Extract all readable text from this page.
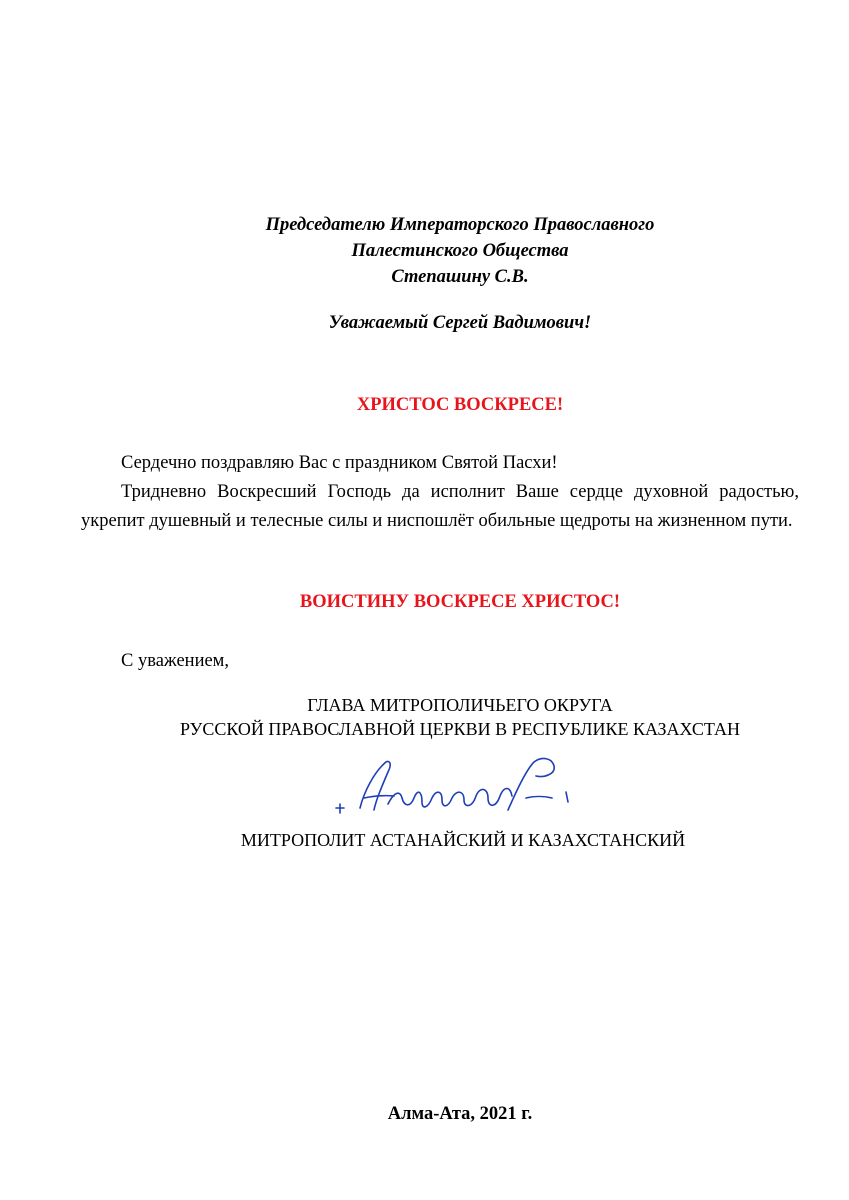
Председателю Императорского Православного
Палестинского Общества
Степашину С.В.
Уважаемый Сергей Вадимович!
ХРИСТОС ВОСКРЕСЕ!

Сердечно поздравляю Вас с праздником Святой Пасхи!

Тридневно Воскресший Господь да исполнит Ваше сердце духовной радостью, укрепит душевный и телесные силы и ниспошлёт обильные щедроты на жизненном пути.

ВОИСТИНУ ВОСКРЕСЕ ХРИСТОС!
С уважением,
ГЛАВА МИТРОПОЛИЧЬЕГО ОКРУГА
РУССКОЙ ПРАВОСЛАВНОЙ ЦЕРКВИ В РЕСПУБЛИКЕ КАЗАХСТАН
МИТРОПОЛИТ АСТАНАЙСКИЙ И КАЗАХСТАНСКИЙ
Алма-Ата, 2021 г.
